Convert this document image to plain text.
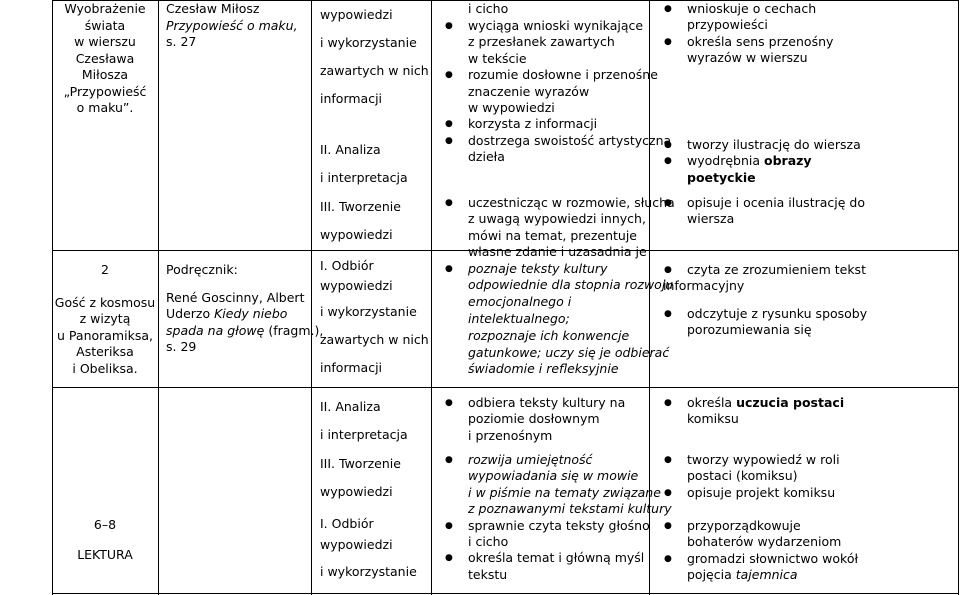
Wyobrażenie
świata
w wierszu
Czesława
Miłosza
„Przypowieść
o maku”.
2
Gość z kosmosu
z wizytą
u Panoramiksa,
Asteriksa
i Obeliksa.
6–8
LEKTURA
Czesław Miłosz
Przypowieść o maku,
s. 27
Podręcznik:
René Goscinny, Albert
Uderzo Kiedy niebo
spada na głowę (fragm.),
s. 29
wypowiedzi
i wykorzystanie
zawartych w nich
informacji
II. Analiza
i interpretacja
III. Tworzenie
wypowiedzi
I. Odbiór
wypowiedzi
i wykorzystanie
zawartych w nich
informacji
II. Analiza
i interpretacja
III. Tworzenie
wypowiedzi
I. Odbiór
wypowiedzi
i wykorzystanie
i cicho
● wyciąga wnioski wynikające
z przesłanek zawartych
w tekście
● rozumie dosłowne i przenośne
znaczenie wyrazów
w wypowiedzi
● korzysta z informacji
● dostrzega swoistość artystyczną
dzieła
● uczestnicząc w rozmowie, słucha
z uwagą wypowiedzi innych,
mówi na temat, prezentuje
własne zdanie i uzasadnia je
● poznaje teksty kultury
odpowiednie dla stopnia rozwoju
emocjonalnego i
intelektualnego;
rozpoznaje ich konwencje
gatunkowe; uczy się je odbierać
świadomie i refleksyjnie
● odbiera teksty kultury na
poziomie dosłownym
i przenośnym
● rozwija umiejętność
wypowiadania się w mowie
i w piśmie na tematy związane
z poznawanymi tekstami kultury
● sprawnie czyta teksty głośno
i cicho
● określa temat i główną myśl
tekstu
● wnioskuje o cechach
przypowieści
● określa sens przenośny
wyrazów w wierszu
● tworzy ilustrację do wiersza
● wyodrębnia obrazy
poetyckie
● opisuje i ocenia ilustrację do
wiersza
● czyta ze zrozumieniem tekst
informacyjny
● odczytuje z rysunku sposoby
porozumiewania się
● określa uczucia postaci
komiksu
● tworzy wypowiedź w roli
postaci (komiksu)
● opisuje projekt komiksu
● przyporządkowuje
bohaterów wydarzeniom
● gromadzi słownictwo wokół
pojęcia tajemnica
